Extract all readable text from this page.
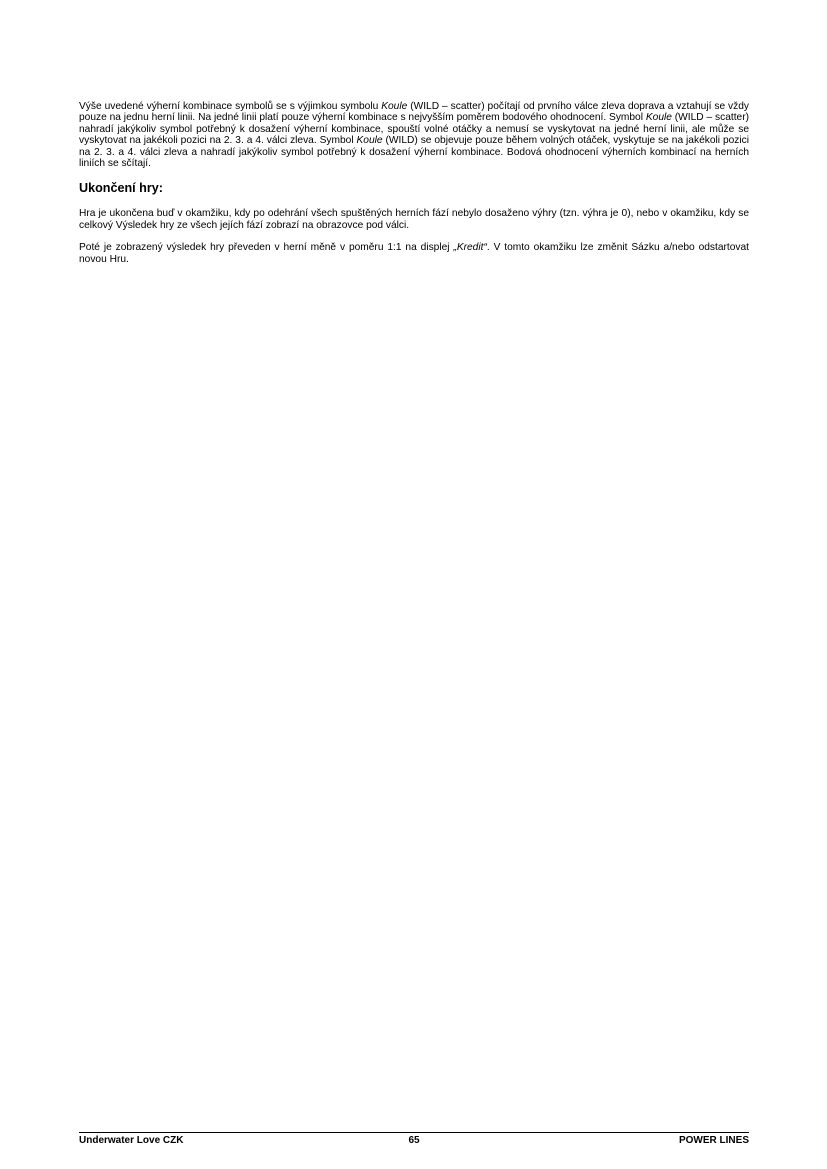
Výše uvedené výherní kombinace symbolů se s výjimkou symbolu Koule (WILD – scatter) počítají od prvního válce zleva doprava a vztahují se vždy pouze na jednu herní linii. Na jedné linii platí pouze výherní kombinace s nejvyšším poměrem bodového ohodnocení. Symbol Koule (WILD – scatter) nahradí jakýkoliv symbol potřebný k dosažení výherní kombinace, spouští volné otáčky a nemusí se vyskytovat na jedné herní linii, ale může se vyskytovat na jakékoli pozici na 2. 3. a 4. válci zleva. Symbol Koule (WILD) se objevuje pouze během volných otáček, vyskytuje se na jakékoli pozici na 2. 3. a 4. válci zleva a nahradí jakýkoliv symbol potřebný k dosažení výherní kombinace. Bodová ohodnocení výherních kombinací na herních liniích se sčítají.

Ukončení hry:

Hra je ukončena buď v okamžiku, kdy po odehrání všech spuštěných herních fází nebylo dosaženo výhry (tzn. výhra je 0), nebo v okamžiku, kdy se celkový Výsledek hry ze všech jejích fází zobrazí na obrazovce pod válci.

Poté je zobrazený výsledek hry převeden v herní měně v poměru 1:1 na displej „Kredit“. V tomto okamžiku lze změnit Sázku a/nebo odstartovat novou Hru.

Underwater Love CZK	65	POWER LINES
